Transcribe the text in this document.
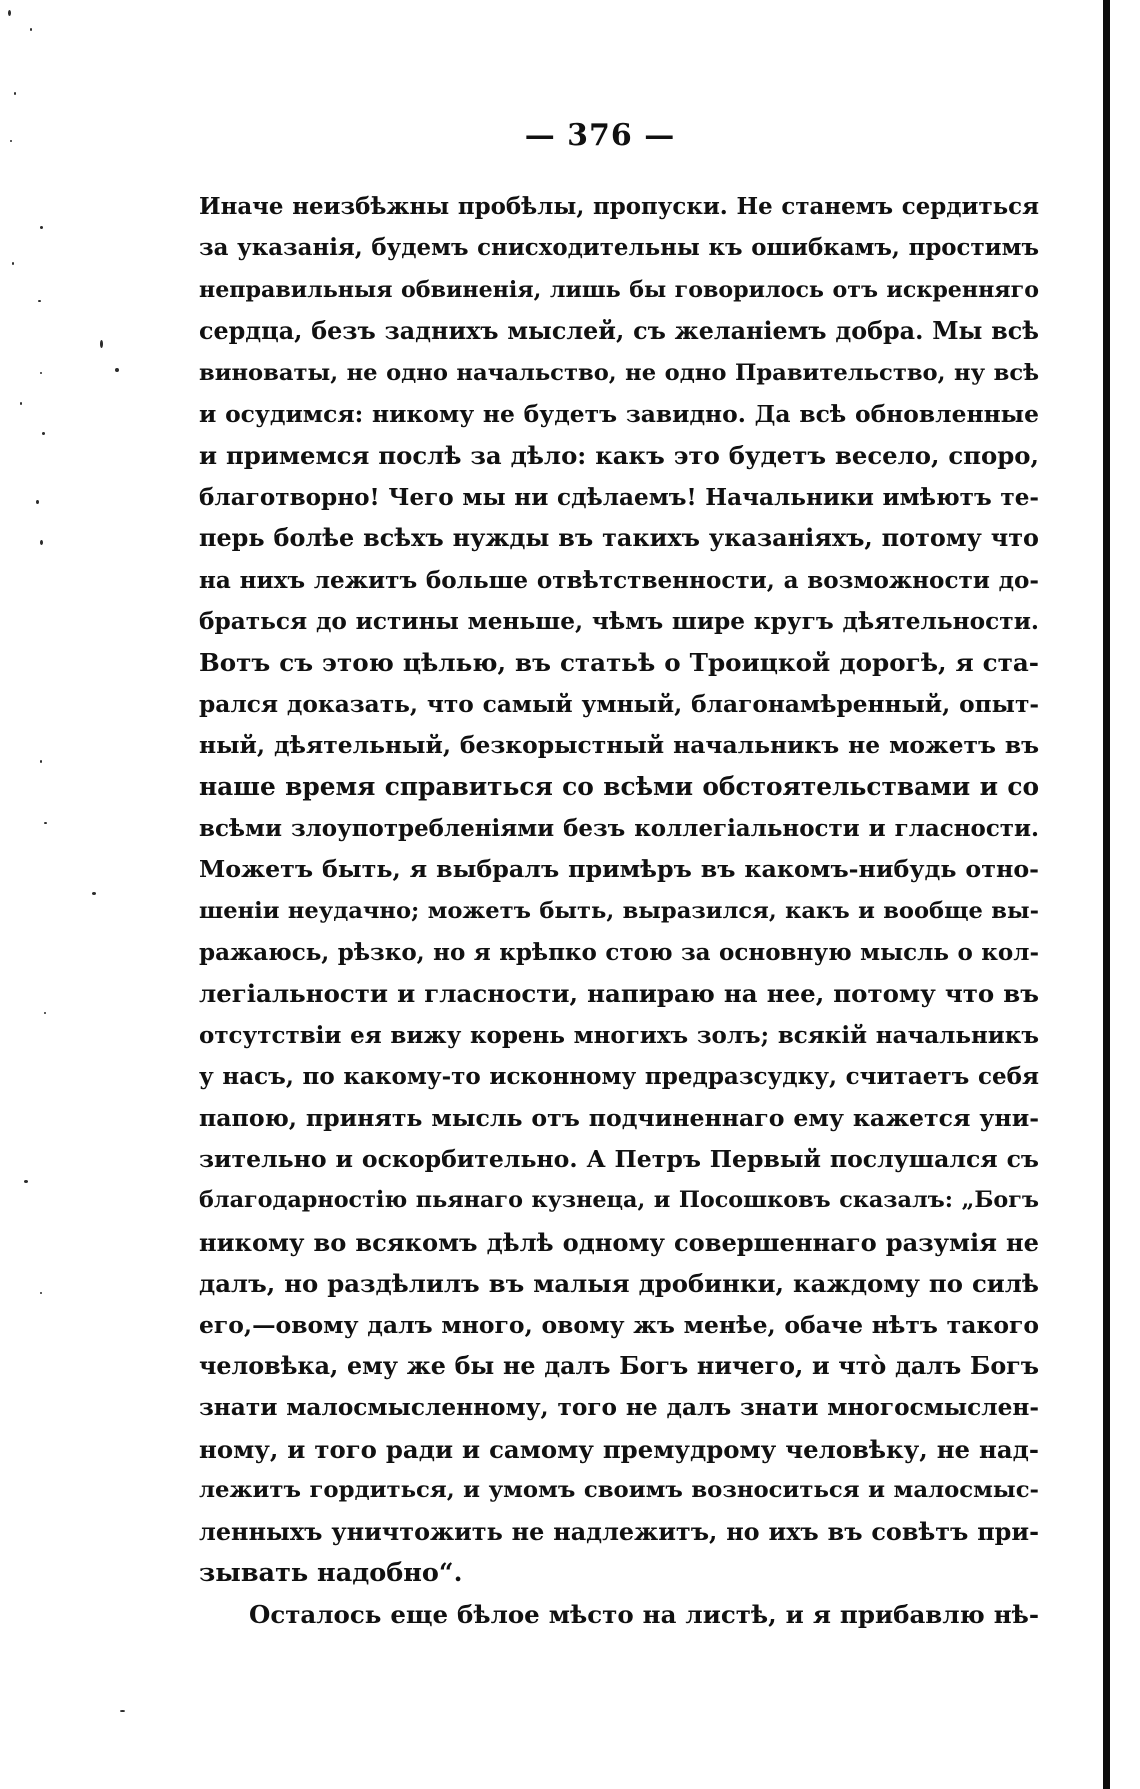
— 376 —
Иначе неизбѣжны пробѣлы, пропуски. Не станемъ сердиться
за указанія, будемъ снисходительны къ ошибкамъ, простимъ
неправильныя обвиненія, лишь бы говорилось отъ искренняго
сердца, безъ заднихъ мыслей, съ желаніемъ добра. Мы всѣ
виноваты, не одно начальство, не одно Правительство, ну всѣ
и осудимся: никому не будетъ завидно. Да всѣ обновленные
и примемся послѣ за дѣло: какъ это будетъ весело, споро,
благотворно! Чего мы ни сдѣлаемъ! Начальники имѣютъ те-
перь болѣе всѣхъ нужды въ такихъ указаніяхъ, потому что
на нихъ лежитъ больше отвѣтственности, а возможности до-
браться до истины меньше, чѣмъ шире кругъ дѣятельности.
Вотъ съ этою цѣлью, въ статьѣ о Троицкой дорогѣ, я ста-
рался доказать, что самый умный, благонамѣренный, опыт-
ный, дѣятельный, безкорыстный начальникъ не можетъ въ
наше время справиться со всѣми обстоятельствами и со
всѣми злоупотребленіями безъ коллегіальности и гласности.
Можетъ быть, я выбралъ примѣръ въ какомъ-нибудь отно-
шеніи неудачно; можетъ быть, выразился, какъ и вообще вы-
ражаюсь, рѣзко, но я крѣпко стою за основную мысль о кол-
легіальности и гласности, напираю на нее, потому что въ
отсутствіи ея вижу корень многихъ золъ; всякій начальникъ
у насъ, по какому-то исконному предразсудку, считаетъ себя
папою, принять мысль отъ подчиненнаго ему кажется уни-
зительно и оскорбительно. А Петръ Первый послушался съ
благодарностію пьянаго кузнеца, и Посошковъ сказалъ: „Богъ
никому во всякомъ дѣлѣ одному совершеннаго разумія не
далъ, но раздѣлилъ въ малыя дробинки, каждому по силѣ
его,—овому далъ много, овому жъ менѣе, обаче нѣтъ такого
человѣка, ему же бы не далъ Богъ ничего, и что̀ далъ Богъ
знати малосмысленному, того не далъ знати многосмыслен-
ному, и того ради и самому премудрому человѣку, не над-
лежитъ гордиться, и умомъ своимъ возноситься и малосмыс-
ленныхъ уничтожить не надлежитъ, но ихъ въ совѣтъ при-
зывать надобно“.
Осталось еще бѣлое мѣсто на листѣ, и я прибавлю нѣ-
